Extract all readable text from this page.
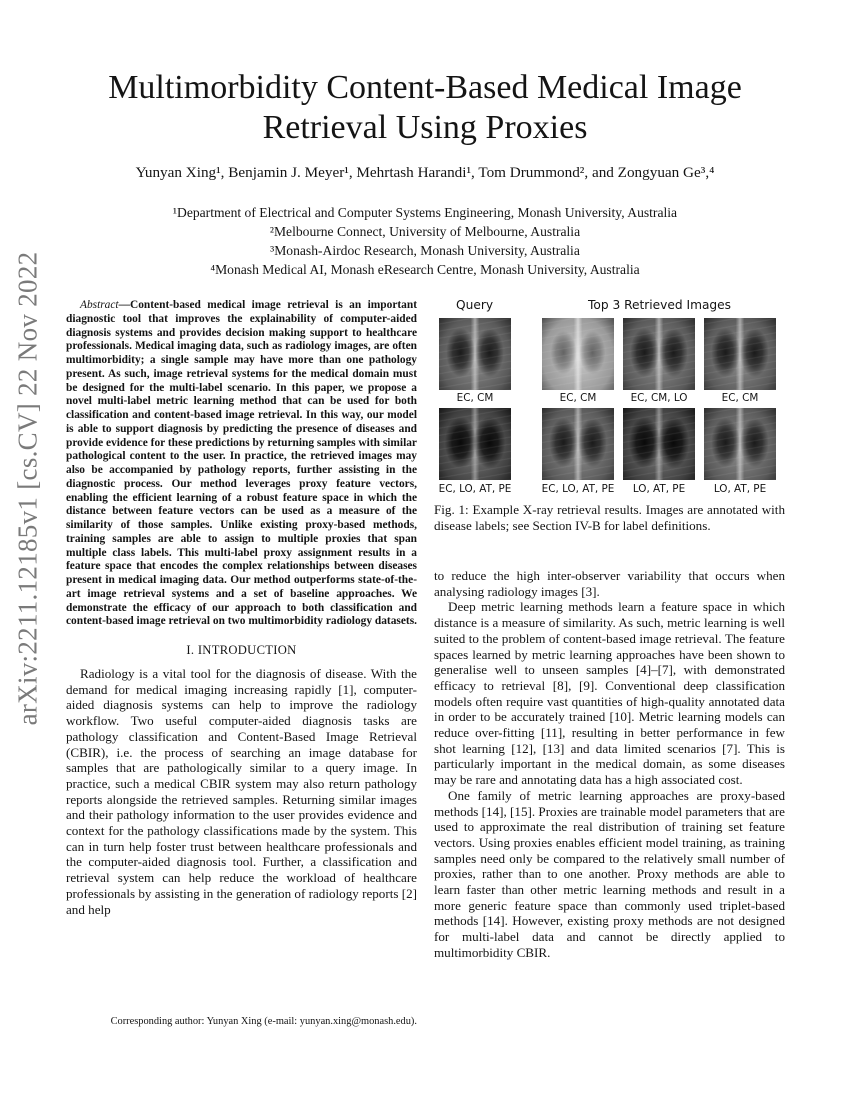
arXiv:2211.12185v1 [cs.CV] 22 Nov 2022
Multimorbidity Content-Based Medical Image Retrieval Using Proxies
Yunyan Xing¹, Benjamin J. Meyer¹, Mehrtash Harandi¹, Tom Drummond², and Zongyuan Ge³,⁴
¹Department of Electrical and Computer Systems Engineering, Monash University, Australia
²Melbourne Connect, University of Melbourne, Australia
³Monash-Airdoc Research, Monash University, Australia
⁴Monash Medical AI, Monash eResearch Centre, Monash University, Australia

Abstract—Content-based medical image retrieval is an important diagnostic tool that improves the explainability of computer-aided diagnosis systems and provides decision making support to healthcare professionals. Medical imaging data, such as radiology images, are often multimorbidity; a single sample may have more than one pathology present. As such, image retrieval systems for the medical domain must be designed for the multi-label scenario. In this paper, we propose a novel multi-label metric learning method that can be used for both classification and content-based image retrieval. In this way, our model is able to support diagnosis by predicting the presence of diseases and provide evidence for these predictions by returning samples with similar pathological content to the user. In practice, the retrieved images may also be accompanied by pathology reports, further assisting in the diagnostic process. Our method leverages proxy feature vectors, enabling the efficient learning of a robust feature space in which the distance between feature vectors can be used as a measure of the similarity of those samples. Unlike existing proxy-based methods, training samples are able to assign to multiple proxies that span multiple class labels. This multi-label proxy assignment results in a feature space that encodes the complex relationships between diseases present in medical imaging data. Our method outperforms state-of-the-art image retrieval systems and a set of baseline approaches. We demonstrate the efficacy of our approach to both classification and content-based image retrieval on two multimorbidity radiology datasets.

I. INTRODUCTION

Radiology is a vital tool for the diagnosis of disease. With the demand for medical imaging increasing rapidly [1], computer-aided diagnosis systems can help to improve the radiology workflow. Two useful computer-aided diagnosis tasks are pathology classification and Content-Based Image Retrieval (CBIR), i.e. the process of searching an image database for samples that are pathologically similar to a query image. In practice, such a medical CBIR system may also return pathology reports alongside the retrieved samples. Returning similar images and their pathology information to the user provides evidence and context for the pathology classifications made by the system. This can in turn help foster trust between healthcare professionals and the computer-aided diagnosis tool. Further, a classification and retrieval system can help reduce the workload of healthcare professionals by assisting in the generation of radiology reports [2] and help

Corresponding author: Yunyan Xing (e-mail: yunyan.xing@monash.edu).
Query	Top 3 Retrieved Images
EC, CM	EC, CM	EC, CM, LO	EC, CM
EC, LO, AT, PE	EC, LO, AT, PE	LO, AT, PE	LO, AT, PE

Fig. 1: Example X-ray retrieval results. Images are annotated with disease labels; see Section IV-B for label definitions.

to reduce the high inter-observer variability that occurs when analysing radiology images [3].

Deep metric learning methods learn a feature space in which distance is a measure of similarity. As such, metric learning is well suited to the problem of content-based image retrieval. The feature spaces learned by metric learning approaches have been shown to generalise well to unseen samples [4]–[7], with demonstrated efficacy to retrieval [8], [9]. Conventional deep classification models often require vast quantities of high-quality annotated data in order to be accurately trained [10]. Metric learning models can reduce over-fitting [11], resulting in better performance in few shot learning [12], [13] and data limited scenarios [7]. This is particularly important in the medical domain, as some diseases may be rare and annotating data has a high associated cost.

One family of metric learning approaches are proxy-based methods [14], [15]. Proxies are trainable model parameters that are used to approximate the real distribution of training set feature vectors. Using proxies enables efficient model training, as training samples need only be compared to the relatively small number of proxies, rather than to one another. Proxy methods are able to learn faster than other metric learning methods and result in a more generic feature space than commonly used triplet-based methods [14]. However, existing proxy methods are not designed for multi-label data and cannot be directly applied to multimorbidity CBIR.
